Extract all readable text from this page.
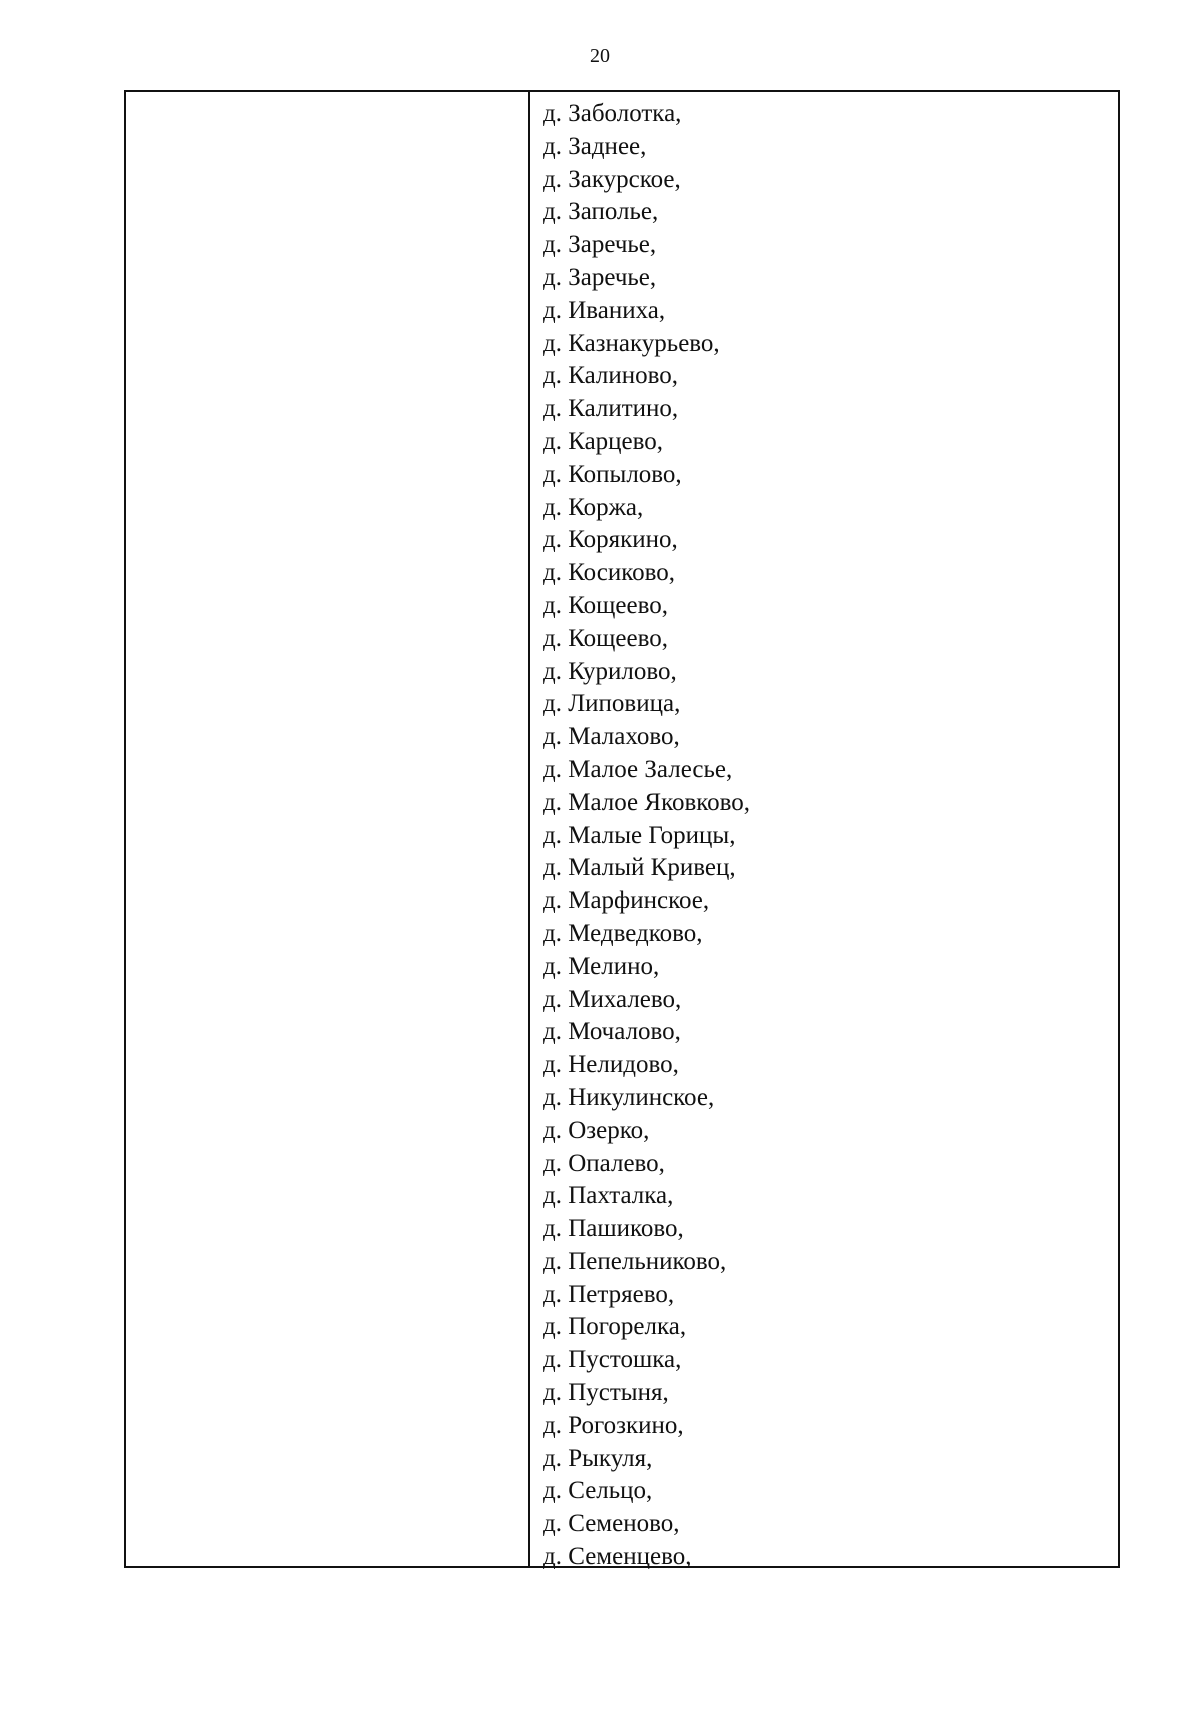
20
д. Заболотка,
д. Заднее,
д. Закурское,
д. Заполье,
д. Заречье,
д. Заречье,
д. Иваниха,
д. Казнакурьево,
д. Калиново,
д. Калитино,
д. Карцево,
д. Копылово,
д. Коржа,
д. Корякино,
д. Косиково,
д. Кощеево,
д. Кощеево,
д. Курилово,
д. Липовица,
д. Малахово,
д. Малое Залесье,
д. Малое Яковково,
д. Малые Горицы,
д. Малый Кривец,
д. Марфинское,
д. Медведково,
д. Мелино,
д. Михалево,
д. Мочалово,
д. Нелидово,
д. Никулинское,
д. Озерко,
д. Опалево,
д. Пахталка,
д. Пашиково,
д. Пепельниково,
д. Петряево,
д. Погорелка,
д. Пустошка,
д. Пустыня,
д. Рогозкино,
д. Рыкуля,
д. Сельцо,
д. Семеново,
д. Семенцево,
